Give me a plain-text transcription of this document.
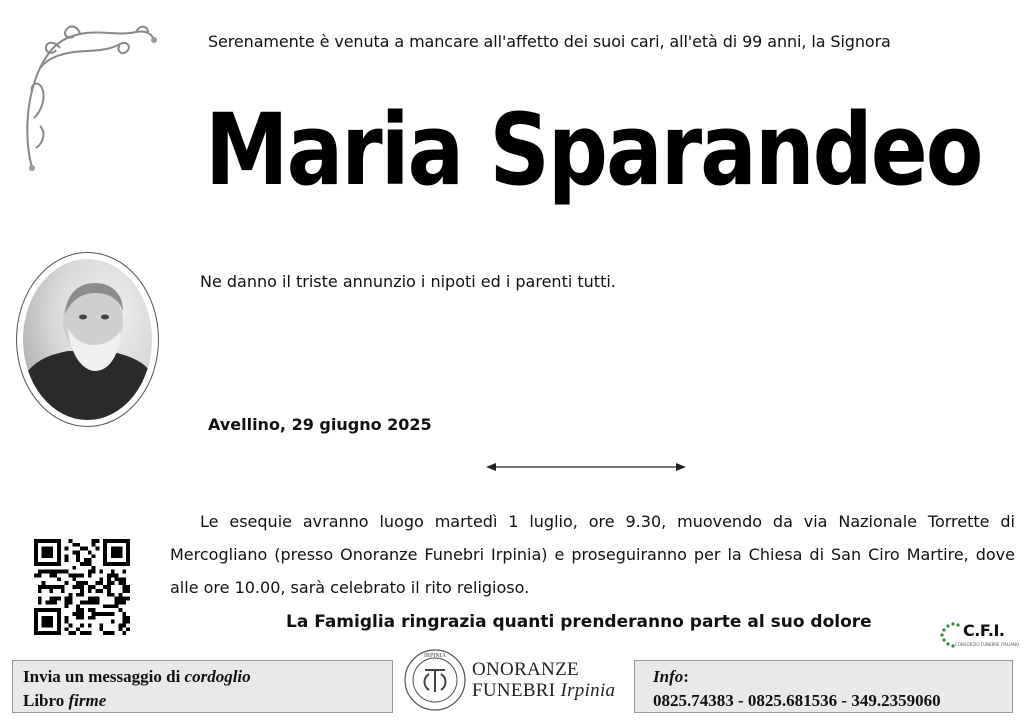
Serenamente è venuta a mancare all'affetto dei suoi cari, all'età di 99 anni, la Signora
Maria Sparandeo
Ne danno il triste annunzio i nipoti ed i parenti tutti.
Avellino, 29 giugno 2025

Le esequie avranno luogo martedì 1 luglio, ore 9.30, muovendo da via Nazionale Torrette di Mercogliano (presso Onoranze Funebri Irpinia) e proseguiranno per la Chiesa di San Ciro Martire, dove alle ore 10.00, sarà celebrato il rito religioso.

La Famiglia ringrazia quanti prenderanno parte al suo dolore	C.F.I.
CONSORZIO FUNEBRE ITALIANO
Invia un messaggio di cordoglio
Libro firme
IRPINIA
ONORANZE
FUNEBRI Irpinia
Info:
0825.74383 - 0825.681536 - 349.2359060
